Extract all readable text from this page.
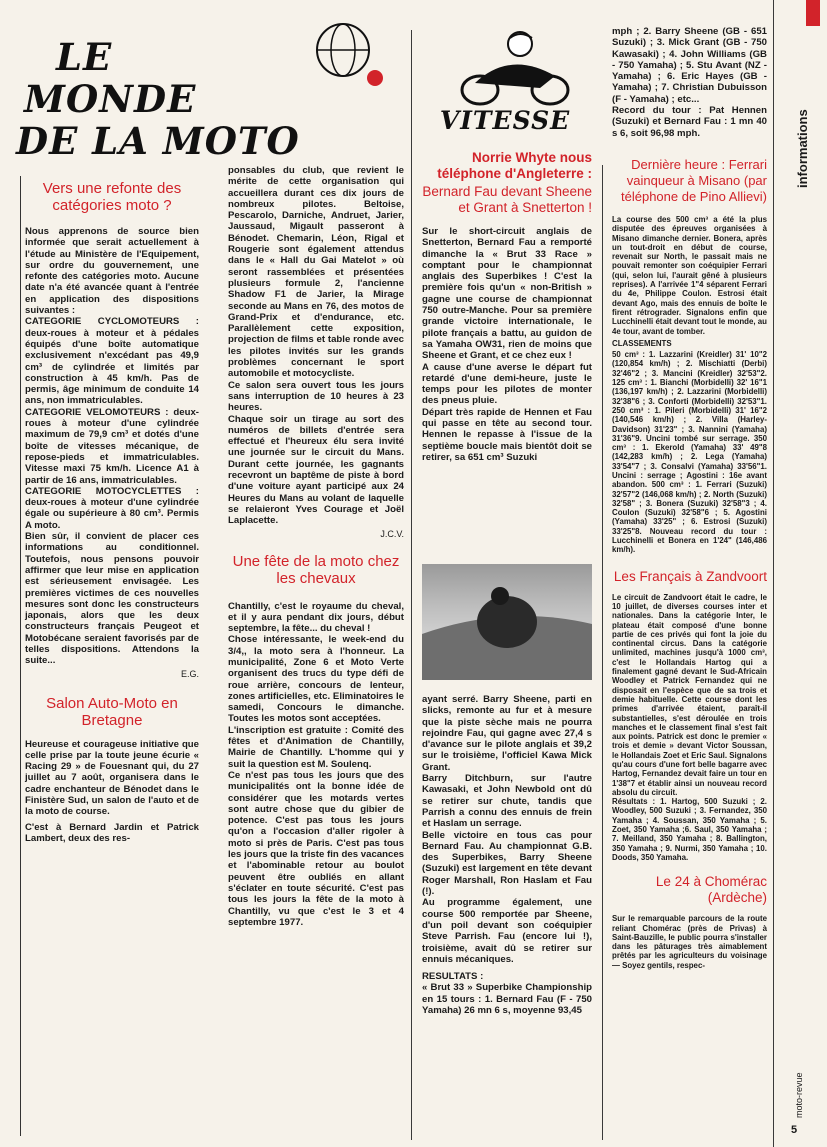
LE
MONDE
DE LA MOTO	VITESSE	informations
moto-revue
5
Vers une refonte des catégories moto ?

Nous apprenons de source bien informée que serait actuellement à l'étude au Ministère de l'Equipement, sur ordre du gouvernement, une refonte des catégories moto. Aucune date n'a été avancée quant à l'entrée en application des dispositions suivantes :

CATEGORIE CYCLOMOTEURS : deux-roues à moteur et à pédales équipés d'une boîte automatique exclusivement n'excédant pas 49,9 cm³ de cylindrée et limités par construction à 45 km/h. Pas de permis, âge minimum de conduite 14 ans, non immatriculables.

CATEGORIE VELOMOTEURS : deux-roues à moteur d'une cylindrée maximum de 79,9 cm³ et dotés d'une boîte de vitesses mécanique, de repose-pieds et immatriculables. Vitesse maxi 75 km/h. Licence A1 à partir de 16 ans, immatriculables.

CATEGORIE MOTOCYCLETTES : deux-roues à moteur d'une cylindrée égale ou supérieure à 80 cm³. Permis A moto.

Bien sûr, il convient de placer ces informations au conditionnel. Toutefois, nous pensons pouvoir affirmer que leur mise en application est sérieusement envisagée. Les premières victimes de ces nouvelles mesures sont donc les constructeurs japonais, alors que les deux constructeurs français Peugeot et Motobécane seraient favorisés par de telles dispositions. Attendons la suite...

E.G.

Salon Auto-Moto en Bretagne

Heureuse et courageuse initiative que celle prise par la toute jeune écurie « Racing 29 » de Fouesnant qui, du 27 juillet au 7 août, organisera dans le cadre enchanteur de Bénodet dans le Finistère Sud, un salon de l'auto et de la moto de course.

C'est à Bernard Jardin et Patrick Lambert, deux des res-

ponsables du club, que revient le mérite de cette organisation qui accueillera durant ces dix jours de nombreux pilotes. Beltoise, Pescarolo, Darniche, Andruet, Jarier, Jaussaud, Migault passeront à Bénodet. Chemarin, Léon, Rigal et Rougerie sont également attendus dans le « Hall du Gai Matelot » où seront rassemblées et présentées plusieurs formule 2, l'ancienne Shadow F1 de Jarier, la Mirage seconde au Mans en 76, des motos de Grand-Prix et d'endurance, etc. Parallèlement cette exposition, projection de films et table ronde avec les pilotes invités sur les grands problèmes concernant le sport automobile et motocycliste.

Ce salon sera ouvert tous les jours sans interruption de 10 heures à 23 heures.

Chaque soir un tirage au sort des numéros de billets d'entrée sera effectué et l'heureux élu sera invité une journée sur le circuit du Mans. Durant cette journée, les gagnants recevront un baptême de piste à bord d'une voiture ayant participé aux 24 Heures du Mans au volant de laquelle se relaieront Yves Courage et Joël Laplacette.

J.C.V.

Une fête de la moto chez les chevaux

Chantilly, c'est le royaume du cheval, et il y aura pendant dix jours, début septembre, la fête... du cheval !

Chose intéressante, le week-end du 3/4,, la moto sera à l'honneur. La municipalité, Zone 6 et Moto Verte organisent des trucs du type défi de roue arrière, concours de lenteur, zones artificielles, etc. Eliminatoires le samedi, Concours le dimanche. Toutes les motos sont acceptées.

L'inscription est gratuite : Comité des fêtes et d'Animation de Chantilly, Mairie de Chantilly. L'homme qui y suit la question est M. Soulenq.

Ce n'est pas tous les jours que des municipalités ont la bonne idée de considérer que les motards vertes sont autre chose que du gibier de potence. C'est pas tous les jours qu'on a l'occasion d'aller rigoler à moto si près de Paris. C'est pas tous les jours que la triste fin des vacances et l'abominable retour au boulot peuvent être oubliés en allant s'éclater en toute sécurité. C'est pas tous les jours la fête de la moto à Chantilly, vu que c'est le 3 et 4 septembre 1977.

Norrie Whyte nous téléphone d'Angleterre :
Bernard Fau devant Sheene et Grant à Snetterton !

Sur le short-circuit anglais de Snetterton, Bernard Fau a remporté dimanche la « Brut 33 Race » comptant pour le championnat anglais des Superbikes ! C'est la première fois qu'un « non-British » gagne une course de championnat 750 outre-Manche. Pour sa première grande victoire internationale, le pilote français a battu, au guidon de sa Yamaha OW31, rien de moins que Sheene et Grant, et ce chez eux !

A cause d'une averse le départ fut retardé d'une demi-heure, juste le temps pour les pilotes de monter des pneus pluie.

Départ très rapide de Hennen et Fau qui passe en tête au second tour. Hennen le repasse à l'issue de la septième boucle mais bientôt doit se retirer, sa 651 cm³ Suzuki

ayant serré. Barry Sheene, parti en slicks, remonte au fur et à mesure que la piste sèche mais ne pourra rejoindre Fau, qui gagne avec 27,4 s d'avance sur le pilote anglais et 39,2 sur le troisième, l'officiel Kawa Mick Grant.

Barry Ditchburn, sur l'autre Kawasaki, et John Newbold ont dû se retirer sur chute, tandis que Parrish a connu des ennuis de frein et Haslam un serrage.

Belle victoire en tous cas pour Bernard Fau. Au championnat G.B. des Superbikes, Barry Sheene (Suzuki) est largement en tête devant Roger Marshall, Ron Haslam et Fau (!).

Au programme également, une course 500 remportée par Sheene, d'un poil devant son coéquipier Steve Parrish. Fau (encore lui !), troisième, avait dû se retirer sur ennuis mécaniques.

RESULTATS :

« Brut 33 » Superbike Championship en 15 tours : 1. Bernard Fau (F - 750 Yamaha) 26 mn 6 s, moyenne 93,45

mph ; 2. Barry Sheene (GB - 651 Suzuki) ; 3. Mick Grant (GB - 750 Kawasaki) ; 4. John Williams (GB - 750 Yamaha) ; 5. Stu Avant (NZ - Yamaha) ; 6. Eric Hayes (GB - Yamaha) ; 7. Christian Dubuisson (F - Yamaha) ; etc...

Record du tour : Pat Hennen (Suzuki) et Bernard Fau : 1 mn 40 s 6, soit 96,98 mph.

Dernière heure : Ferrari vainqueur à Misano (par téléphone de Pino Allievi)

La course des 500 cm³ a été la plus disputée des épreuves organisées à Misano dimanche dernier. Bonera, après un tout-droit en début de course, revenait sur North, le passait mais ne pouvait remonter son coéquipier Ferrari (qui, selon lui, l'aurait gêné à plusieurs reprises). A l'arrivée 1"4 séparent Ferrari du 4e, Philippe Coulon. Estrosi était devant Ago, mais des ennuis de boîte le firent rétrograder. Signalons enfin que Lucchinelli était devant tout le monde, au 4e tour, avant de tomber.

CLASSEMENTS

50 cm³ : 1. Lazzarini (Kreidler) 31' 10"2 (120,854 km/h) ; 2. Mischiatti (Derbi) 32'46"2 ; 3. Mancini (Kreidler) 32'53"2. 125 cm³ : 1. Bianchi (Morbidelli) 32' 16"1 (136,197 km/h) ; 2. Lazzarini (Morbidelli) 32'38"6 ; 3. Conforti (Morbidelli) 32'53"1. 250 cm³ : 1. Pileri (Morbidelli) 31' 16"2 (140,546 km/h) ; 2. Villa (Harley-Davidson) 31'23" ; 3. Nannini (Yamaha) 31'36"9. Uncini tombé sur serrage. 350 cm³ : 1. Ekerold (Yamaha) 33' 49"8 (142,283 km/h) ; 2. Lega (Yamaha) 33'54"7 ; 3. Consalvi (Yamaha) 33'56"1. Uncini : serrage ; Agostini : 16e avant abandon. 500 cm³ : 1. Ferrari (Suzuki) 32'57"2 (146,068 km/h) ; 2. North (Suzuki) 32'58" ; 3. Bonera (Suzuki) 32'58"3 ; 4. Coulon (Suzuki) 32'58"6 ; 5. Agostini (Yamaha) 33'25" ; 6. Estrosi (Suzuki) 33'25"8. Nouveau record du tour : Lucchinelli et Bonera en 1'24" (146,486 km/h).

Les Français à Zandvoort

Le circuit de Zandvoort était le cadre, le 10 juillet, de diverses courses inter et nationales. Dans la catégorie Inter, le plateau était composé d'une bonne partie de ces privés qui font la joie du continental circus. Dans la catégorie unlimited, machines jusqu'à 1000 cm³, c'est le Hollandais Hartog qui a finalement gagné devant le Sud-Africain Woodley et Patrick Fernandez qui ne disposait en l'espèce que de sa trois et demie habituelle. Cette course dont les primes d'arrivée étaient, paraît-il substantielles, s'est déroulée en trois manches et le classement final s'est fait aux points. Patrick est donc le premier « trois et demie » devant Victor Soussan, le Hollandais Zoet et Eric Saul. Signalons qu'au cours d'une fort belle bagarre avec Hartog, Fernandez devait faire un tour en 1'38"7 et établir ainsi un nouveau record absolu du circuit.

Résultats : 1. Hartog, 500 Suzuki ; 2. Woodley, 500 Suzuki ; 3. Fernandez, 350 Yamaha ; 4. Soussan, 350 Yamaha ; 5. Zoet, 350 Yamaha ;6. Saul, 350 Yamaha ; 7. Meilland, 350 Yamaha ; 8. Ballington, 350 Yamaha ; 9. Nurmi, 350 Yamaha ; 10. Doods, 350 Yamaha.

Le 24 à Chomérac (Ardèche)

Sur le remarquable parcours de la route reliant Chomérac (près de Privas) à Saint-Bauzille, le public pourra s'installer dans les pâturages très aimablement prêtés par les agriculteurs du voisinage — Soyez gentils, respec-
